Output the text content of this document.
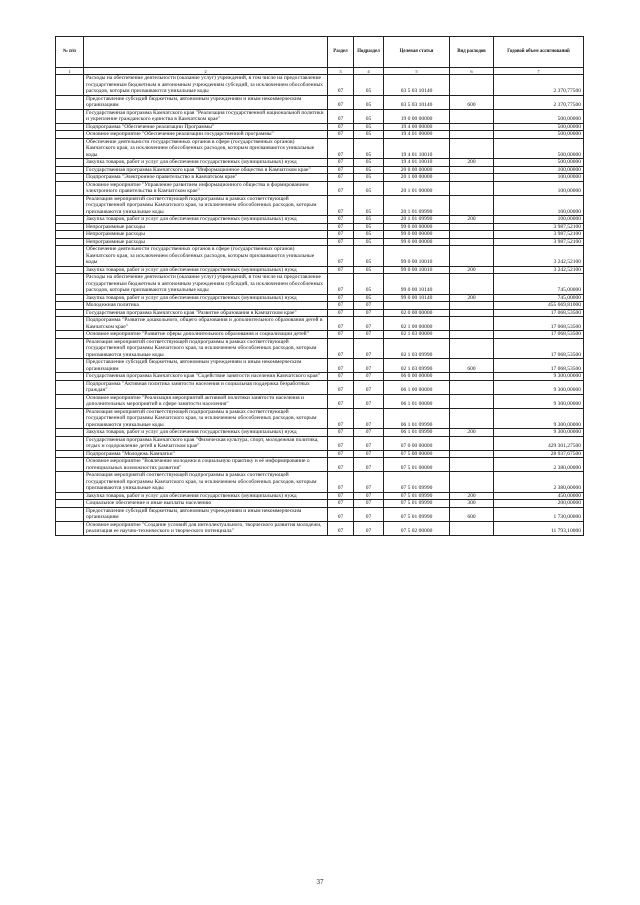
№ п/п		Раздел	Подраздел	Целевая статья	Вид расходов	Годовой объем ассигнований
1	2	3	4	5	6	7
	Расходы на обеспечение деятельности (оказание услуг) учреждений, в том числе на предоставление государственным бюджетным и автономным учреждениям субсидий, за исключением обособленных расходов, которым присваиваются уникальные коды	07	05	03 5 03 10140		2 370,77500
	Предоставление субсидий бюджетным, автономным учреждениям и иным некоммерческим организациям	07	05	03 5 03 10140	600	2 370,77500
	Государственная программа Камчатского края "Реализация государственной национальной политики и укрепление гражданского единства в Камчатском крае"	07	05	19 0 00 00000		500,00000
	Подпрограмма "Обеспечение реализации Программы"	07	05	19 4 00 00000		500,00000
	Основное мероприятие "Обеспечение реализации государственной программы"	07	05	19 4 01 00000		500,00000
	Обеспечение деятельности государственных органов в сфере (государственных органов) Камчатского края, за исключением обособленных расходов, которым присваиваются уникальные коды	07	05	19 4 01 10010		500,00000
	Закупка товаров, работ и услуг для обеспечения государственных (муниципальных) нужд	07	05	19 4 01 10010	200	500,00000
	Государственная программа Камчатского края "Информационное общество в Камчатском крае"	07	05	20 0 00 00000		100,00000
	Подпрограмма "Электронное правительство в Камчатском крае"	07	05	20 1 00 00000		100,00000
	Основное мероприятие "Управление развитием информационного общества и формированием электронного правительства в Камчатском крае"	07	05	20 1 01 00000		100,00000
	Реализация мероприятий соответствующей подпрограммы в рамках соответствующей государственной программы Камчатского края, за исключением обособленных расходов, которым присваиваются уникальные коды	07	05	20 1 01 09990		100,00000
	Закупка товаров, работ и услуг для обеспечения государственных (муниципальных) нужд	07	05	20 1 01 09990	200	100,00000
	Непрограммные расходы	07	05	99 0 00 00000		3 987,52100
	Непрограммные расходы	07	05	99 0 00 00000		3 987,52100
	Непрограммные расходы	07	05	99 0 00 00000		3 987,52100
	Обеспечение деятельности государственных органов в сфере (государственных органов) Камчатского края, за исключением обособленных расходов, которым присваиваются уникальные коды	07	05	99 0 00 10010		3 242,52100
	Закупка товаров, работ и услуг для обеспечения государственных (муниципальных) нужд	07	05	99 0 00 10010	200	3 242,52100
	Расходы на обеспечение деятельности (оказание услуг) учреждений, в том числе на предоставление государственным бюджетным и автономным учреждениям субсидий, за исключением обособленных расходов, которым присваиваются уникальные коды	07	05	99 0 00 10140		745,00000
	Закупка товаров, работ и услуг для обеспечения государственных (муниципальных) нужд	07	05	99 0 00 10140	200	745,00000
	Молодежная политика	07	07			455 669,81000
	Государственная программа Камчатского края "Развитие образования в Камчатском крае"	07	07	02 0 00 00000		17 068,53500
	Подпрограмма "Развитие дошкольного, общего образования и дополнительного образования детей в Камчатском крае"	07	07	02 1 00 00000		17 068,53500
	Основное мероприятие "Развитие сферы дополнительного образования и социализации детей"	07	07	02 1 03 00000		17 068,53500
	Реализация мероприятий соответствующей подпрограммы в рамках соответствующей государственной программы Камчатского края, за исключением обособленных расходов, которым присваиваются уникальные коды	07	07	02 1 03 09990		17 068,53500
	Предоставление субсидий бюджетным, автономным учреждениям и иным некоммерческим организациям	07	07	02 1 03 09990	600	17 068,53500
	Государственная программа Камчатского края "Содействие занятости населения Камчатского края"	07	07	06 0 00 00000		9 300,00000
	Подпрограмма "Активная политика занятости населения и социальная поддержка безработных граждан"	07	07	06 1 00 00000		9 300,00000
	Основное мероприятие "Реализация мероприятий активной политики занятости населения и дополнительных мероприятий в сфере занятости населения"	07	07	06 1 01 00000		9 300,00000
	Реализация мероприятий соответствующей подпрограммы в рамках соответствующей государственной программы Камчатского края, за исключением обособленных расходов, которым присваиваются уникальные коды	07	07	06 1 01 09990		9 300,00000
	Закупка товаров, работ и услуг для обеспечения государственных (муниципальных) нужд	07	07	06 1 01 09990	200	9 300,00000
	Государственная программа Камчатского края "Физическая культура, спорт, молодежная политика, отдых и оздоровление детей в Камчатском крае"	07	07	07 0 00 00000		429 301,27500
	Подпрограмма "Молодежь Камчатки"	07	07	07 5 00 00000		28 937,67500
	Основное мероприятие "Вовлечение молодежи в социальную практику и её информирование о потенциальных возможностях развития"	07	07	07 5 01 00000		2 380,00000
	Реализация мероприятий соответствующей подпрограммы в рамках соответствующей государственной программы Камчатского края, за исключением обособленных расходов, которым присваиваются уникальные коды	07	07	07 5 01 09990		2 380,00000
	Закупка товаров, работ и услуг для обеспечения государственных (муниципальных) нужд	07	07	07 5 01 09990	200	450,00000
	Социальное обеспечение и иные выплаты населению	07	07	07 5 01 09990	300	200,00000
	Предоставление субсидий бюджетным, автономным учреждениям и иным некоммерческим организациям	07	07	07 5 01 09990	600	1 730,00000
	Основное мероприятие "Создание условий для интеллектуального, творческого развития молодежи, реализация ее научно-технического и творческого потенциала"	07	07	07 5 02 00000		11 793,10000
37
